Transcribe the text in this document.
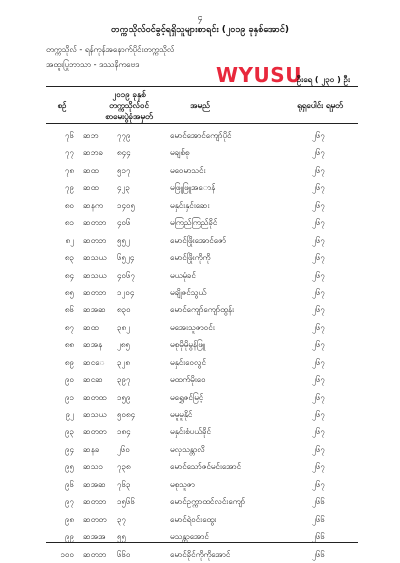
၄
တက္ကသိုလ်ဝင်ခွင့်ရရှိသူများစာရင်း (၂၀၁၉ ခုနှစ်အောင်)
တက္ကသိုလ် - ရန်ကုန်အနောက်ပိုင်းတက္ကသိုလ်
အထူးပြုဘာသာ - ဒဿနိကဗေဒ	WYUSU
ဦးရေ ( ၂၃၀ ) ဦး
စဉ်
၂၀၁၉ ခုနှစ်
တက္ကသိုလ်ဝင်
စာမေးပွဲခုံအမှတ်
အမည်	ရုရှပေါင်း ရမှတ်
၇၆ ဆဘ ၇၇၉	မောင်အောင်ကျော်ပိုင်	၂၆၇
၇၇ ဆဘခ ၈၄၄	မချစ်စု	၂၆၇
၇၈ ဆထ ၅၁၇	မဝေမာသင်း	၂၆၇
၇၉ ဆထ ၄၂၃	မဖြူဖြူအ‌ောန်	၂၆၇
၈၀ ဆနက ၁၄၀၅	မနှင်းနှင်းဆေး	၂၆၇
၈၁ ဆတဘ ၄၀၆	မကြည်ကြည်ခိုင်	၂၆၇
၈၂ ဆတဘ ၅၅၂	မောင်ဖြိုးအောင်ဇော်	၂၆၇
၈၃ ဆသယ ၆၅၂၄	မောင်ဖြိုးကိုကို	၂၆၇
၈၄ ဆသယ ၄၀၆၇	မယမုံခင်	၂၆၇
၈၅ ဆတဘ ၁၂၀၄	မချိုဇင်သွယ်	၂၆၇
၈၆ ဆအဆ ၈၃၀	မောင်ကျော်ကျော်ထွန်း	၂၆၇
၈၇ ဆထ ၃၈၂	မအေးသူဇာဝင်း	၂၆၇
၈၈ ဆအန ၂၈၅	မစုမိုမိုမွန်ဖြူ	၂၆၇
၈၉ ဆင‌ေ ၃၂၈	မနှင်းဝေလွင်	၂၆၇
၉၀ ဆင‌ဆ ၃၉၇	မထက်မိုးဝေ	၂၆၇
၉၁ ဆတထ ၁၅၉	မရွှေဇင်မြင့်	၂၆၇
၉၂ ဆသယ ၅၀၈၄	မမူမူနိုင်	၂၆၇
၉၃ ဆတတ ၁၈၄	မနှင်းစံပယ်ခိုင်	၂၆၇
၉၄ ဆနခ ၂၆၀	မလှသန္တာလိ	၂၆၇
၉၅ ဆသ၁ ၇၃၈	မောင်သော်ဇင်မင်းအောင်	၂၆၇
၉၆ ဆအဆ ၇၆၃	မစုသူဇာ	၂၆၇
၉၇ ဆတဘ ၁၅၆၆	မောင်ဥက္ကာထင်လင်းကျော်	၂၆၆
၉၈ ဆတတ ၃၇	မောင်ရဲဝင်းထွေး	၂၆၆
၉၉ ဆအအ ၅၅	မသန္တာအောင်	၂၆၆
၁၀၀ ဆတဘ ၆၆၀	မောင်ခိုင်ကိုကိုအောင်	၂၆၆
